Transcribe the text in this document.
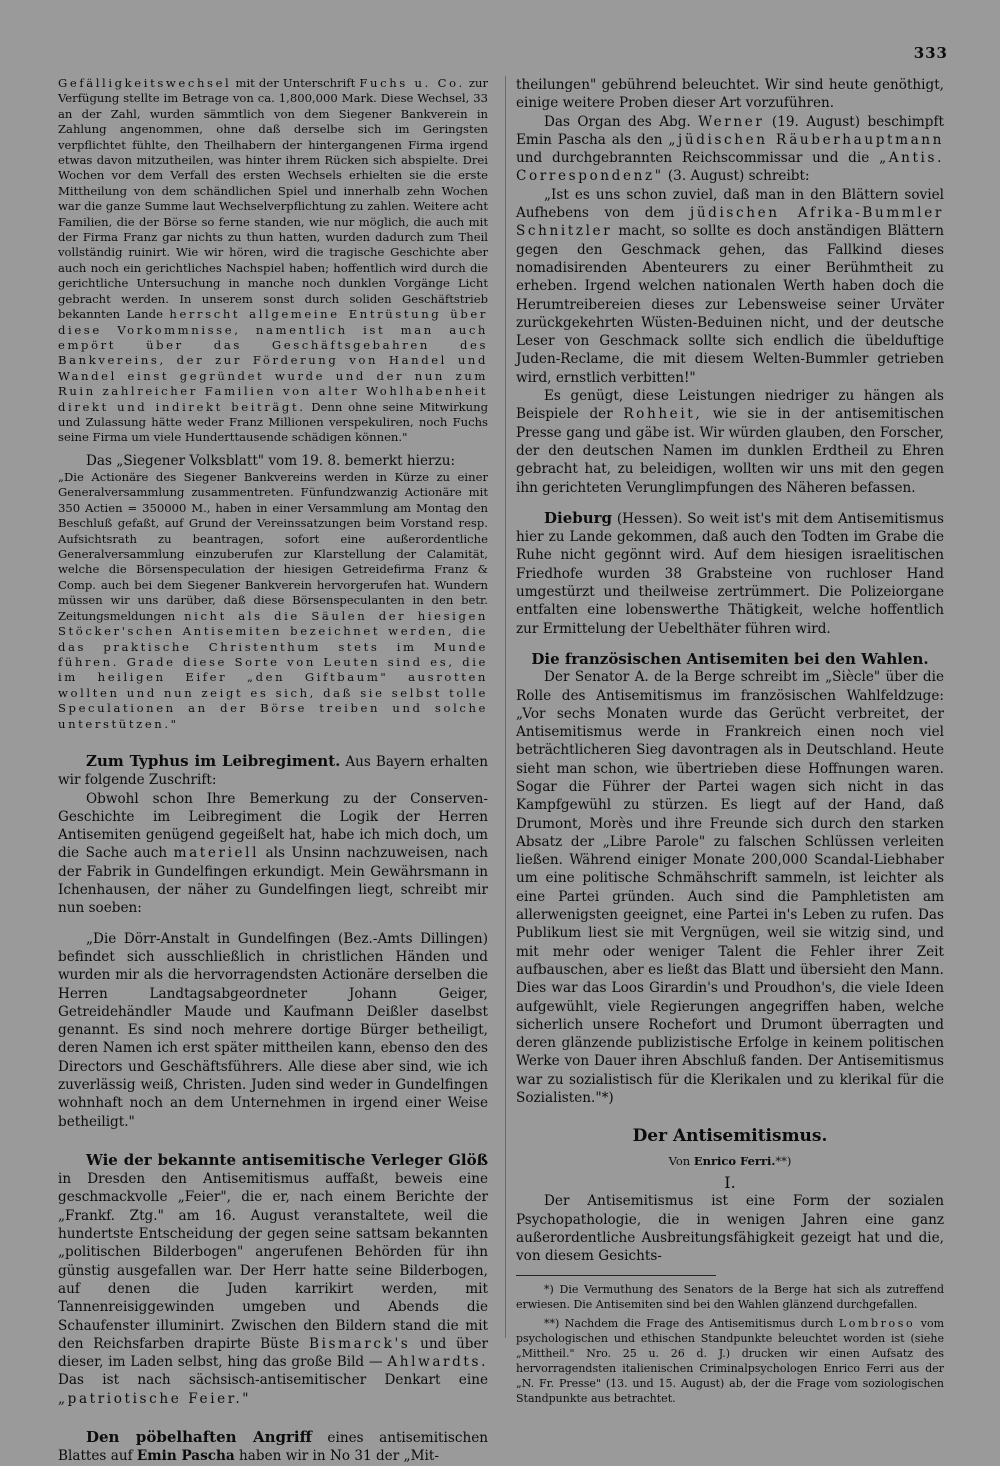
333

Gefälligkeitswechsel mit der Unterschrift Fuchs u. Co. zur Verfügung stellte im Betrage von ca. 1,800,000 Mark. Diese Wechsel, 33 an der Zahl, wurden sämmtlich von dem Siegener Bankverein in Zahlung angenommen, ohne daß derselbe sich im Geringsten verpflichtet fühlte, den Theilhabern der hintergangenen Firma irgend etwas davon mitzutheilen, was hinter ihrem Rücken sich abspielte. Drei Wochen vor dem Verfall des ersten Wechsels erhielten sie die erste Mittheilung von dem schändlichen Spiel und innerhalb zehn Wochen war die ganze Summe laut Wechselverpflichtung zu zahlen. Weitere acht Familien, die der Börse so ferne standen, wie nur möglich, die auch mit der Firma Franz gar nichts zu thun hatten, wurden dadurch zum Theil vollständig ruinirt. Wie wir hören, wird die tragische Geschichte aber auch noch ein gerichtliches Nachspiel haben; hoffentlich wird durch die gerichtliche Untersuchung in manche noch dunklen Vorgänge Licht gebracht werden. In unserem sonst durch soliden Geschäftstrieb bekannten Lande herrscht allgemeine Entrüstung über diese Vorkommnisse, namentlich ist man auch empört über das Geschäftsgebahren des Bankvereins, der zur Förderung von Handel und Wandel einst gegründet wurde und der nun zum Ruin zahlreicher Familien von alter Wohlhabenheit direkt und indirekt beiträgt. Denn ohne seine Mitwirkung und Zulassung hätte weder Franz Millionen verspekuliren, noch Fuchs seine Firma um viele Hunderttausende schädigen können."

Das „Siegener Volksblatt" vom 19. 8. bemerkt hierzu:

„Die Actionäre des Siegener Bankvereins werden in Kürze zu einer Generalversammlung zusammentreten. Fünfundzwanzig Actionäre mit 350 Actien = 350000 M., haben in einer Versammlung am Montag den Beschluß gefaßt, auf Grund der Vereinssatzungen beim Vorstand resp. Aufsichtsrath zu beantragen, sofort eine außerordentliche Generalversammlung einzuberufen zur Klarstellung der Calamität, welche die Börsenspeculation der hiesigen Getreidefirma Franz & Comp. auch bei dem Siegener Bankverein hervorgerufen hat. Wundern müssen wir uns darüber, daß diese Börsenspeculanten in den betr. Zeitungsmeldungen nicht als die Säulen der hiesigen Stöcker'schen Antisemiten bezeichnet werden, die das praktische Christenthum stets im Munde führen. Grade diese Sorte von Leuten sind es, die im heiligen Eifer „den Giftbaum" ausrotten wollten und nun zeigt es sich, daß sie selbst tolle Speculationen an der Börse treiben und solche unterstützen."

Zum Typhus im Leibregiment. Aus Bayern erhalten wir folgende Zuschrift:

Obwohl schon Ihre Bemerkung zu der Conserven-Geschichte im Leibregiment die Logik der Herren Antisemiten genügend gegeißelt hat, habe ich mich doch, um die Sache auch materiell als Unsinn nachzuweisen, nach der Fabrik in Gundelfingen erkundigt. Mein Gewährsmann in Ichenhausen, der näher zu Gundelfingen liegt, schreibt mir nun soeben:

„Die Dörr-Anstalt in Gundelfingen (Bez.-Amts Dillingen) befindet sich ausschließlich in christlichen Händen und wurden mir als die hervorragendsten Actionäre derselben die Herren Landtagsabgeordneter Johann Geiger, Getreidehändler Maude und Kaufmann Deißler daselbst genannt. Es sind noch mehrere dortige Bürger betheiligt, deren Namen ich erst später mittheilen kann, ebenso den des Directors und Geschäftsführers. Alle diese aber sind, wie ich zuverlässig weiß, Christen. Juden sind weder in Gundelfingen wohnhaft noch an dem Unternehmen in irgend einer Weise betheiligt."

Wie der bekannte antisemitische Verleger Glöß in Dresden den Antisemitismus auffaßt, beweis eine geschmackvolle „Feier", die er, nach einem Berichte der „Frankf. Ztg." am 16. August veranstaltete, weil die hundertste Entscheidung der gegen seine sattsam bekannten „politischen Bilderbogen" angerufenen Behörden für ihn günstig ausgefallen war. Der Herr hatte seine Bilderbogen, auf denen die Juden karrikirt werden, mit Tannenreisiggewinden umgeben und Abends die Schaufenster illuminirt. Zwischen den Bildern stand die mit den Reichsfarben drapirte Büste Bismarck's und über dieser, im Laden selbst, hing das große Bild — Ahlwardts. Das ist nach sächsisch-antisemitischer Denkart eine „patriotische Feier."

Den pöbelhaften Angriff eines antisemitischen Blattes auf Emin Pascha haben wir in No 31 der „Mit-

theilungen" gebührend beleuchtet. Wir sind heute genöthigt, einige weitere Proben dieser Art vorzuführen.

Das Organ des Abg. Werner (19. August) beschimpft Emin Pascha als den „jüdischen Räuberhauptmann und durchgebrannten Reichscommissar und die „Antis. Correspondenz" (3. August) schreibt:

„Ist es uns schon zuviel, daß man in den Blättern soviel Aufhebens von dem jüdischen Afrika-Bummler Schnitzler macht, so sollte es doch anständigen Blättern gegen den Geschmack gehen, das Fallkind dieses nomadisirenden Abenteurers zu einer Berühmtheit zu erheben. Irgend welchen nationalen Werth haben doch die Herumtreibereien dieses zur Lebensweise seiner Urväter zurückgekehrten Wüsten-Beduinen nicht, und der deutsche Leser von Geschmack sollte sich endlich die übelduftige Juden-Reclame, die mit diesem Welten-Bummler getrieben wird, ernstlich verbitten!"

Es genügt, diese Leistungen niedriger zu hängen als Beispiele der Rohheit, wie sie in der antisemitischen Presse gang und gäbe ist. Wir würden glauben, den Forscher, der den deutschen Namen im dunklen Erdtheil zu Ehren gebracht hat, zu beleidigen, wollten wir uns mit den gegen ihn gerichteten Verunglimpfungen des Näheren befassen.

Dieburg (Hessen). So weit ist's mit dem Antisemitismus hier zu Lande gekommen, daß auch den Todten im Grabe die Ruhe nicht gegönnt wird. Auf dem hiesigen israelitischen Friedhofe wurden 38 Grabsteine von ruchloser Hand umgestürzt und theilweise zertrümmert. Die Polizeiorgane entfalten eine lobenswerthe Thätigkeit, welche hoffentlich zur Ermittelung der Uebelthäter führen wird.

Die französischen Antisemiten bei den Wahlen.

Der Senator A. de la Berge schreibt im „Siècle" über die Rolle des Antisemitismus im französischen Wahlfeldzuge: „Vor sechs Monaten wurde das Gerücht verbreitet, der Antisemitismus werde in Frankreich einen noch viel beträchtlicheren Sieg davontragen als in Deutschland. Heute sieht man schon, wie übertrieben diese Hoffnungen waren. Sogar die Führer der Partei wagen sich nicht in das Kampfgewühl zu stürzen. Es liegt auf der Hand, daß Drumont, Morès und ihre Freunde sich durch den starken Absatz der „Libre Parole" zu falschen Schlüssen verleiten ließen. Während einiger Monate 200,000 Scandal-Liebhaber um eine politische Schmähschrift sammeln, ist leichter als eine Partei gründen. Auch sind die Pamphletisten am allerwenigsten geeignet, eine Partei in's Leben zu rufen. Das Publikum liest sie mit Vergnügen, weil sie witzig sind, und mit mehr oder weniger Talent die Fehler ihrer Zeit aufbauschen, aber es ließt das Blatt und übersieht den Mann. Dies war das Loos Girardin's und Proudhon's, die viele Ideen aufgewühlt, viele Regierungen angegriffen haben, welche sicherlich unsere Rochefort und Drumont überragten und deren glänzende publizistische Erfolge in keinem politischen Werke von Dauer ihren Abschluß fanden. Der Antisemitismus war zu sozialistisch für die Klerikalen und zu klerikal für die Sozialisten."*)

Der Antisemitismus.

Von Enrico Ferri.**)

I.

Der Antisemitismus ist eine Form der sozialen Psychopathologie, die in wenigen Jahren eine ganz außerordentliche Ausbreitungsfähigkeit gezeigt hat und die, von diesem Gesichts-

*) Die Vermuthung des Senators de la Berge hat sich als zutreffend erwiesen. Die Antisemiten sind bei den Wahlen glänzend durchgefallen.

**) Nachdem die Frage des Antisemitismus durch Lombroso vom psychologischen und ethischen Standpunkte beleuchtet worden ist (siehe „Mittheil." Nro. 25 u. 26 d. J.) drucken wir einen Aufsatz des hervorragendsten italienischen Criminalpsychologen Enrico Ferri aus der „N. Fr. Presse" (13. und 15. August) ab, der die Frage vom soziologischen Standpunkte aus betrachtet.
